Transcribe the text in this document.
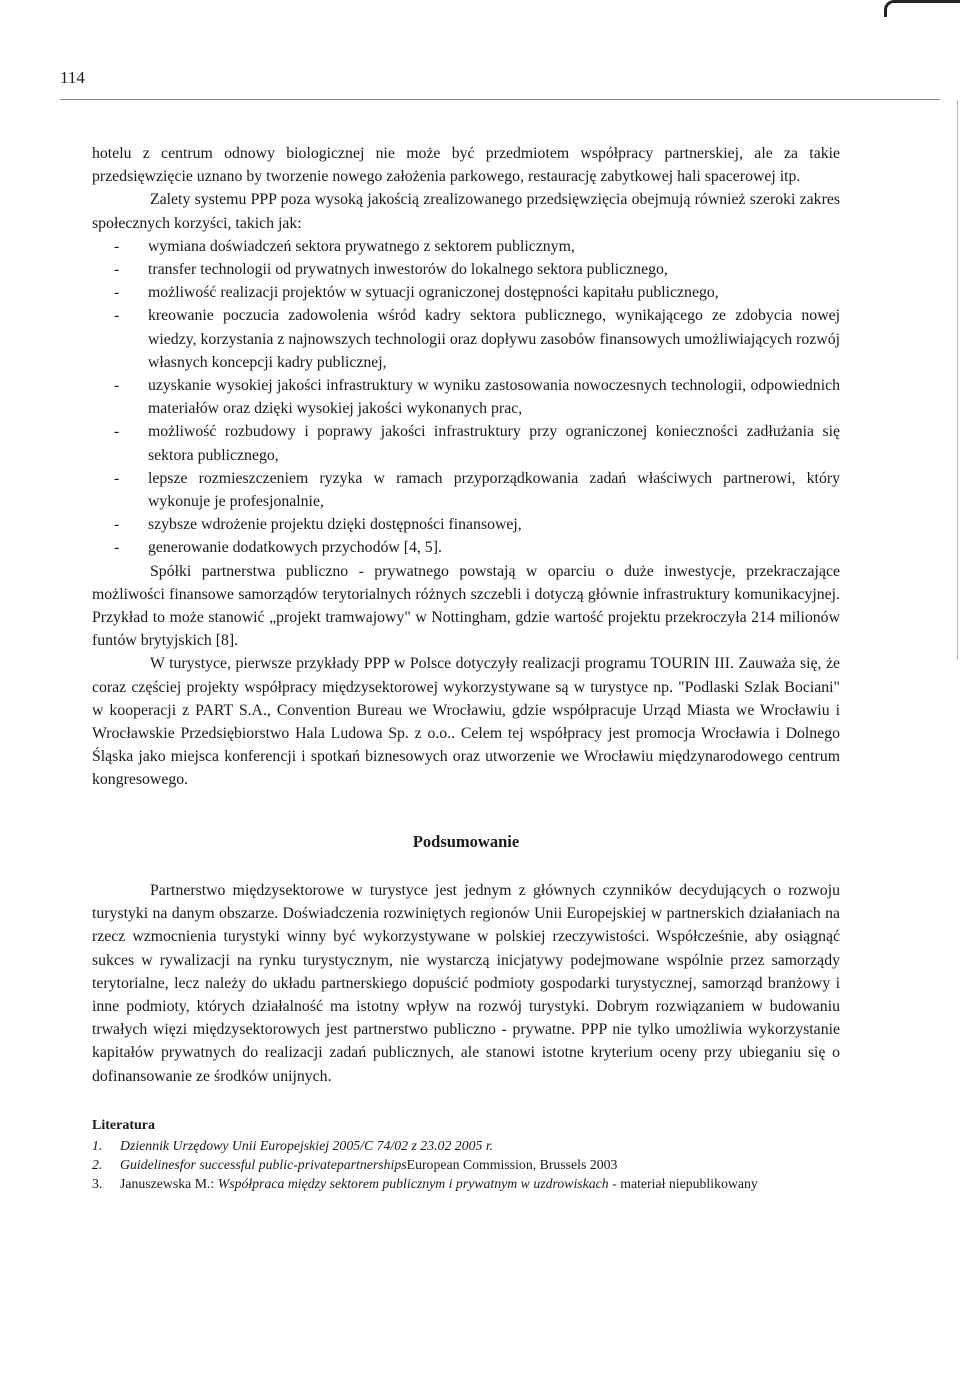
114

hotelu z centrum odnowy biologicznej nie może być przedmiotem współpracy partnerskiej, ale za takie przedsięwzięcie uznano by tworzenie nowego założenia parkowego, restaurację zabytkowej hali spacerowej itp.

Zalety systemu PPP poza wysoką jakością zrealizowanego przedsięwzięcia obejmują również szeroki zakres społecznych korzyści, takich jak:

- wymiana doświadczeń sektora prywatnego z sektorem publicznym,
- transfer technologii od prywatnych inwestorów do lokalnego sektora publicznego,
- możliwość realizacji projektów w sytuacji ograniczonej dostępności kapitału publicznego,
- kreowanie poczucia zadowolenia wśród kadry sektora publicznego, wynikającego ze zdobycia nowej wiedzy, korzystania z najnowszych technologii oraz dopływu zasobów finansowych umożliwiających rozwój własnych koncepcji kadry publicznej,
- uzyskanie wysokiej jakości infrastruktury w wyniku zastosowania nowoczesnych technologii, odpowiednich materiałów oraz dzięki wysokiej jakości wykonanych prac,
- możliwość rozbudowy i poprawy jakości infrastruktury przy ograniczonej konieczności zadłużania się sektora publicznego,
- lepsze rozmieszczeniem ryzyka w ramach przyporządkowania zadań właściwych partnerowi, który wykonuje je profesjonalnie,
- szybsze wdrożenie projektu dzięki dostępności finansowej,
- generowanie dodatkowych przychodów [4, 5].

Spółki partnerstwa publiczno - prywatnego powstają w oparciu o duże inwestycje, przekraczające możliwości finansowe samorządów terytorialnych różnych szczebli i dotyczą głównie infrastruktury komunikacyjnej. Przykład to może stanowić „projekt tramwajowy" w Nottingham, gdzie wartość projektu przekroczyła 214 milionów funtów brytyjskich [8].

W turystyce, pierwsze przykłady PPP w Polsce dotyczyły realizacji programu TOURIN III. Zauważa się, że coraz częściej projekty współpracy międzysektorowej wykorzystywane są w turystyce np. "Podlaski Szlak Bociani" w kooperacji z PART S.A., Convention Bureau we Wrocławiu, gdzie współpracuje Urząd Miasta we Wrocławiu i Wrocławskie Przedsiębiorstwo Hala Ludowa Sp. z o.o.. Celem tej współpracy jest promocja Wrocławia i Dolnego Śląska jako miejsca konferencji i spotkań biznesowych oraz utworzenie we Wrocławiu międzynarodowego centrum kongresowego.

Podsumowanie

Partnerstwo międzysektorowe w turystyce jest jednym z głównych czynników decydujących o rozwoju turystyki na danym obszarze. Doświadczenia rozwiniętych regionów Unii Europejskiej w partnerskich działaniach na rzecz wzmocnienia turystyki winny być wykorzystywane w polskiej rzeczywistości. Współcześnie, aby osiągnąć sukces w rywalizacji na rynku turystycznym, nie wystarczą inicjatywy podejmowane wspólnie przez samorządy terytorialne, lecz należy do układu partnerskiego dopuścić podmioty gospodarki turystycznej, samorząd branżowy i inne podmioty, których działalność ma istotny wpływ na rozwój turystyki. Dobrym rozwiązaniem w budowaniu trwałych więzi międzysektorowych jest partnerstwo publiczno - prywatne. PPP nie tylko umożliwia wykorzystanie kapitałów prywatnych do realizacji zadań publicznych, ale stanowi istotne kryterium oceny przy ubieganiu się o dofinansowanie ze środków unijnych.

Literatura
1. Dziennik Urzędowy Unii Europejskiej 2005/C 74/02 z 23.02 2005 r.
2. Guidelinesfor successful public-privatepartnershipsEuropean Commission, Brussels 2003
3. Januszewska M.: Współpraca między sektorem publicznym i prywatnym w uzdrowiskach - materiał niepublikowany
